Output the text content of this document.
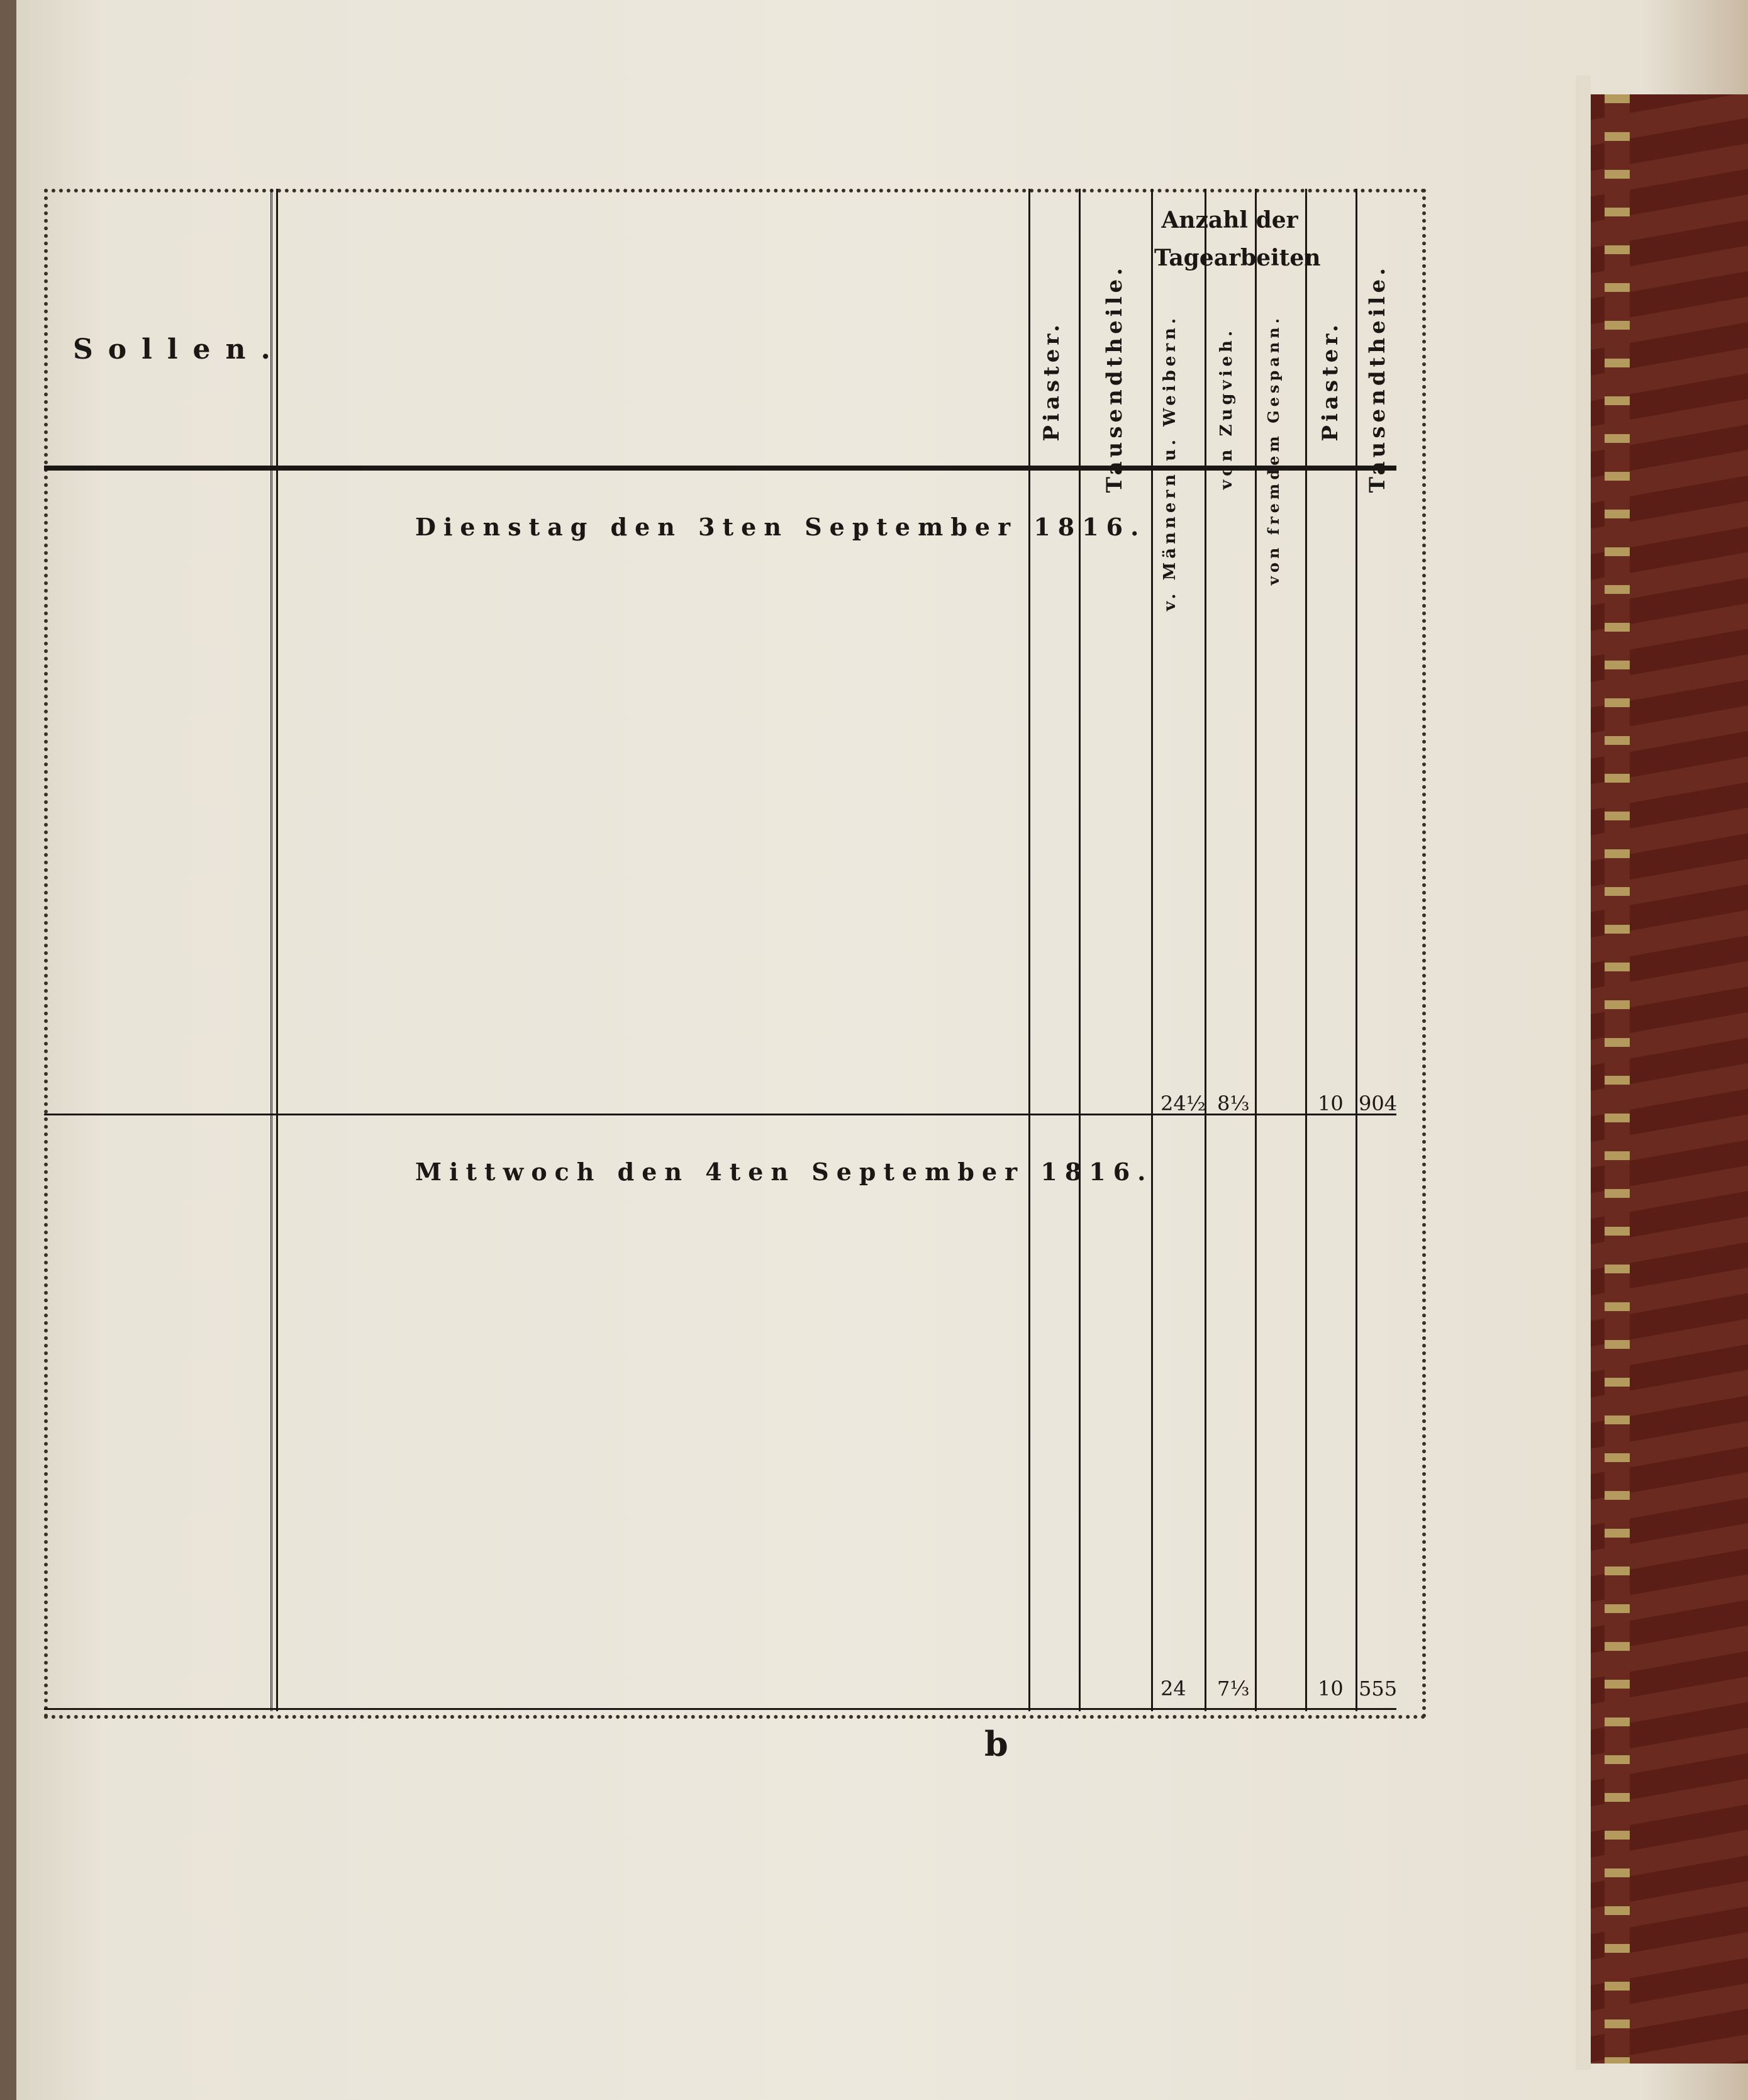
Sollen.	Piaster. Tausendtheile.
Anzahl der Tagearbeiten
v. Männern u. Weibern. von Zugvieh. von fremdem Gespann. Piaster. Tausendtheile.
Dienstag den 3ten September 1816.
24½ 8⅓	10 904
Mittwoch den 4ten September 1816.
24 7⅓	10 555
b
